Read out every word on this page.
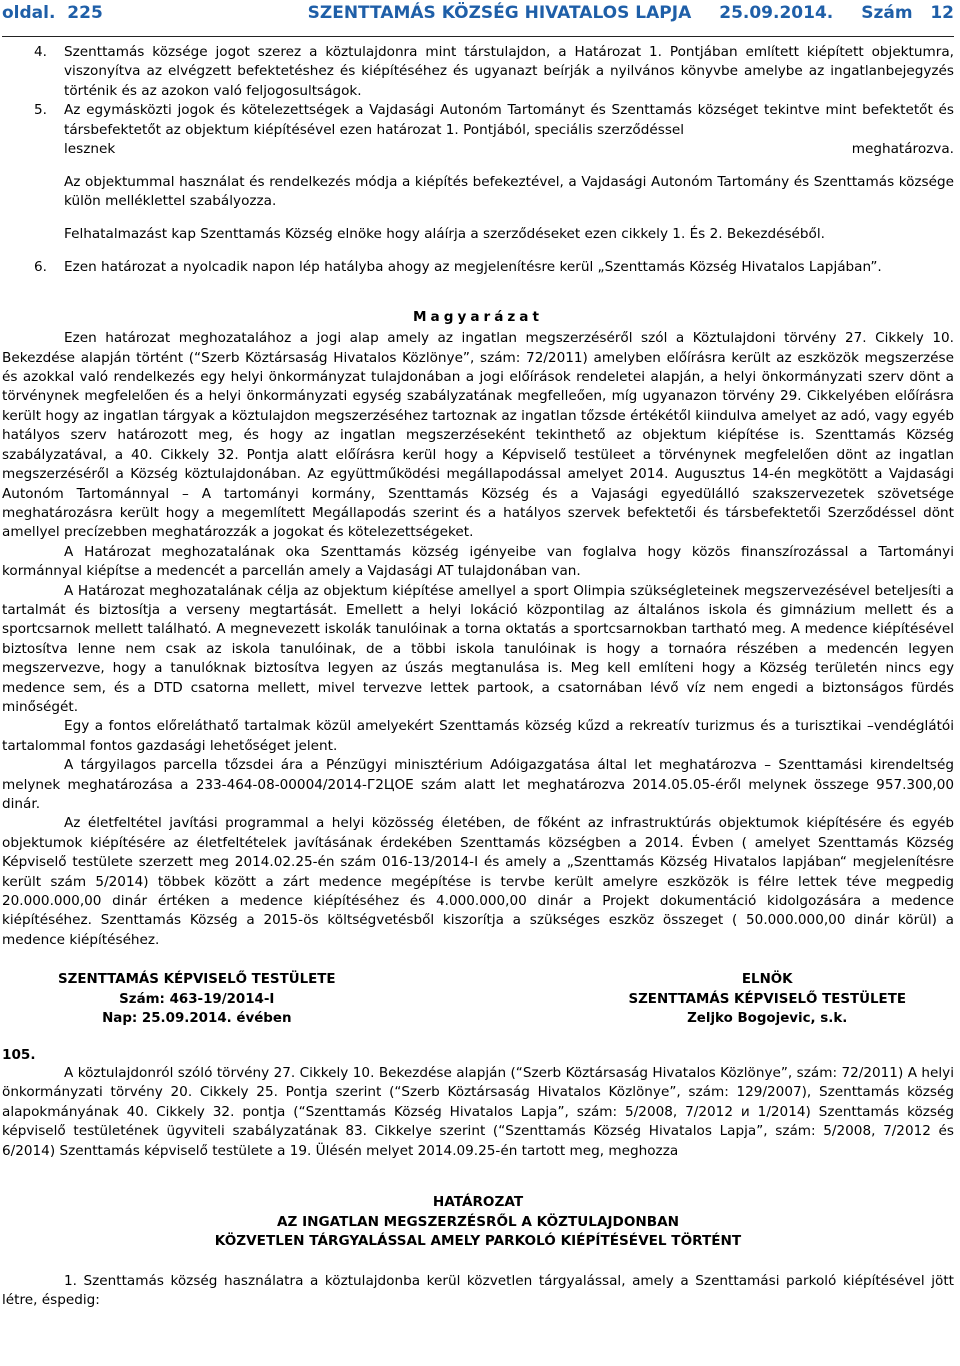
oldal. 225	SZENTTAMÁS KÖZSÉG HIVATALOS LAPJA 25.09.2014. Szám   12
4.	Szenttamás községe jogot szerez a köztulajdonra mint társtulajdon, a Határozat 1. Pontjában említett kiépített objektumra, viszonyítva az elvégzett befektetéshez és kiépítéséhez és ugyanazt beírják a nyilvános könyvbe amelybe az ingatlanbejegyzés történik és az azokon való feljogosultságok.
5.	Az egymásközti jogok és kötelezettségek a Vajdasági Autonóm Tartományt és Szenttamás községet tekintve mint befektetőt és társbefektetőt az objektum kiépítésével ezen határozat 1. Pontjából, speciális szerződéssel
lesznek	meghatározva.

Az objektummal használat és rendelkezés módja a kiépítés befekeztével, a Vajdasági Autonóm Tartomány és Szenttamás községe külön melléklettel szabályozza.

Felhatalmazást kap Szenttamás Község elnöke hogy aláírja a szerződéseket ezen cikkely 1. És 2. Bekezdéséből.

6.	Ezen határozat a nyolcadik napon lép hatályba ahogy az megjelenítésre kerül „Szenttamás Község Hivatalos Lapjában”.
Magyarázat

Ezen határozat meghozatalához a jogi alap amely az ingatlan megszerzéséről szól a Köztulajdoni törvény 27. Cikkely 10. Bekezdése alapján történt (“Szerb Köztársaság Hivatalos Közlönye”, szám: 72/2011) amelyben előírásra került az eszközök megszerzése és azokkal való rendelkezés egy helyi önkormányzat tulajdonában a jogi előírások rendeletei alapján, a helyi önkormányzati szerv dönt a törvénynek megfelelően és a helyi önkormányzati egység szabályzatának megfelleően, míg ugyanazon törvény 29. Cikkelyében előírásra került hogy az ingatlan tárgyak a köztulajdon megszerzéséhez tartoznak az ingatlan tőzsde értékétől kiindulva amelyet az adó, vagy egyéb hatályos szerv határozott meg, és hogy az ingatlan megszerzéseként tekinthető az objektum kiépítése is. Szenttamás Község szabályzatával, a 40. Cikkely 32. Pontja alatt előírásra kerül hogy a Képviselő testüleet a törvénynek megfelelően dönt az ingatlan megszerzéséről a Község köztulajdonában. Az együttműködési megállapodással amelyet 2014. Augusztus 14-én megkötött a Vajdasági Autonóm Tartománnyal – A tartományi kormány, Szenttamás Község és a Vajasági egyedülálló szakszervezetek szövetsége meghatározásra került hogy a megemlített Megállapodás szerint és a hatályos szervek befektetői és társbefektetői Szerződéssel dönt amellyel precízebben meghatározzák a jogokat és kötelezettségeket.

A Határozat meghozatalának oka Szenttamás község igényeibe van foglalva hogy közös finanszírozással a Tartományi kormánnyal kiépítse a medencét a parcellán amely a Vajdasági AT tulajdonában van.

A Határozat meghozatalának célja az objektum kiépítése amellyel a sport Olimpia szükségleteinek megszervezésével beteljesíti a tartalmát és biztosítja a verseny megtartását. Emellett a helyi lokáció központilag az általános iskola és gimnázium mellett és a sportcsarnok mellett található. A megnevezett iskolák tanulóinak a torna oktatás a sportcsarnokban tartható meg. A medence kiépítésével biztosítva lenne nem csak az iskola tanulóinak, de a többi iskola tanulóinak is hogy a tornaóra részében a medencén legyen megszervezve, hogy a tanulóknak biztosítva legyen az úszás megtanulása is. Meg kell említeni hogy a Község területén nincs egy medence sem, és a DTD csatorna mellett, mivel tervezve lettek partook, a csatornában lévő víz nem engedi a biztonságos fürdés minőségét.

Egy a fontos előreláthatő tartalmak közül amelyekért Szenttamás község kűzd a rekreatív turizmus és a turisztikai –vendéglátói tartalommal fontos gazdasági lehetőséget jelent.

A tárgyilagos parcella tőzsdei ára a Pénzügyi minisztérium Adóigazgatása által let meghatározva – Szenttamási kirendeltség melynek meghatározása a 233-464-08-00004/2014-Г2ЦОЕ szám alatt let meghatározva 2014.05.05-éről melynek összege 957.300,00 dinár.

Az életfeltétel javítási programmal a helyi közösség életében, de főként az infrastruktúrás objektumok kiépítésére és egyéb objektumok kiépítésére az életfeltételek javításának érdekében Szenttamás községben a 2014. Évben ( amelyet Szenttamás Község Képviselő testülete szerzett meg 2014.02.25-én szám 016-13/2014-I és amely a „Szenttamás Község Hivatalos lapjában“ megjelenítésre került szám 5/2014) többek között a zárt medence megépítése is tervbe került amelyre eszközök is félre lettek téve megpedig 20.000.000,00 dinár értéken a medence kiépítéséhez és 4.000.000,00 dinár a Projekt dokumentáció kidolgozására a medence kiépítéséhez. Szenttamás Község a 2015-ös költségvetésből kiszorítja a szükséges eszköz összeget ( 50.000.000,00 dinár körül) a medence kiépítéséhez.

SZENTTAMÁS KÉPVISELŐ TESTÜLETE
Szám: 463-19/2014-I
Nap: 25.09.2014. évében
ELNÖK
SZENTTAMÁS KÉPVISELŐ TESTÜLETE
Zeljko Bogojevic, s.k.
105.

A köztulajdonról szóló törvény 27. Cikkely 10. Bekezdése alapján (“Szerb Köztársaság Hivatalos Közlönye”, szám: 72/2011) A helyi önkormányzati törvény 20. Cikkely 25. Pontja szerint (“Szerb Köztársaság Hivatalos Közlönye”, szám: 129/2007), Szenttamás község alapokmányának 40. Cikkely 32. pontja (“Szenttamás Község Hivatalos Lapja”, szám: 5/2008, 7/2012 и 1/2014) Szenttamás község képviselő testületének ügyviteli szabályzatának 83. Cikkelye szerint (“Szenttamás Község Hivatalos Lapja”, szám: 5/2008, 7/2012 és 6/2014) Szenttamás képviselő testülete a 19. Ülésén melyet 2014.09.25-én tartott meg, meghozza

HATÁROZAT
AZ INGATLAN MEGSZERZÉSRŐL A KÖZTULAJDONBAN
KÖZVETLEN TÁRGYALÁSSAL AMELY PARKOLÓ KIÉPÍTÉSÉVEL TÖRTÉNT

1. Szenttamás község használatra a köztulajdonba kerül közvetlen tárgyalással, amely a Szenttamási parkoló kiépítésével jött létre, éspedig:
